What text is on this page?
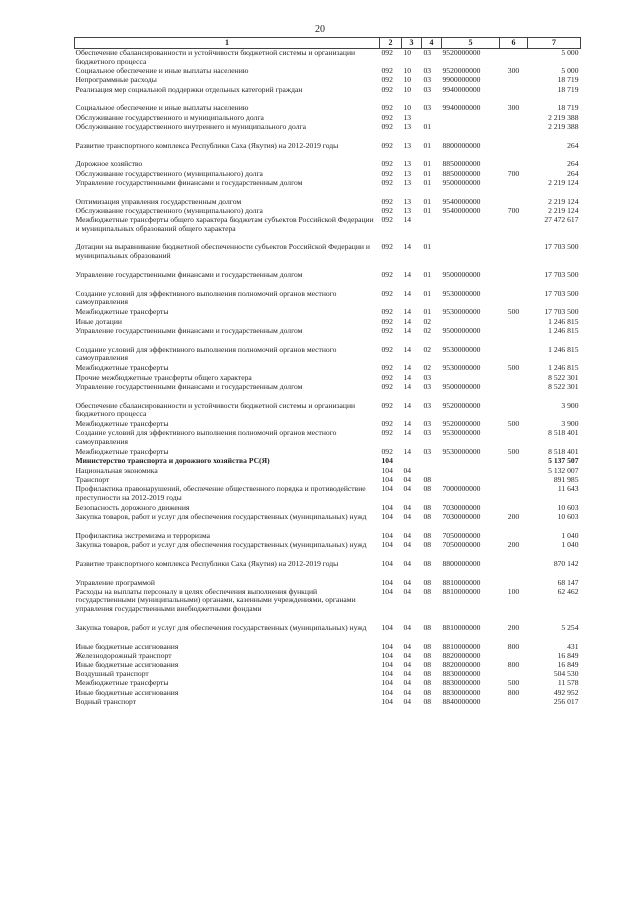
20
1	2	3	4	5	6	7
Обеспечение сбалансированности и устойчивости бюджетной системы и организации бюджетного процесса	092	10	03	9520000000		5 000
Социальное обеспечение и иные выплаты населению	092	10	03	9520000000	300	5 000
Непрограммные расходы	092	10	03	9900000000		18 719
Реализация мер социальной поддержки отдельных категорий граждан	092	10	03	9940000000		18 719
Социальное обеспечение и иные выплаты населению	092	10	03	9940000000	300	18 719
Обслуживание государственного и муниципального долга	092	13				2 219 388
Обслуживание государственного внутреннего и муниципального долга	092	13	01			2 219 388
Развитие транспортного комплекса Республики Саха (Якутия) на 2012-2019 годы	092	13	01	8800000000		264
Дорожное хозяйство	092	13	01	8850000000		264
Обслуживание государственного (муниципального) долга	092	13	01	8850000000	700	264
Управление государственными финансами и государственным долгом	092	13	01	9500000000		2 219 124
Оптимизация управления государственным долгом	092	13	01	9540000000		2 219 124
Обслуживание государственного (муниципального) долга	092	13	01	9540000000	700	2 219 124
Межбюджетные трансферты общего характера бюджетам субъектов Российской Федерации и муниципальных образований общего характера	092	14				27 472 617
Дотации на выравнивание бюджетной обеспеченности субъектов Российской Федерации и муниципальных образований	092	14	01			17 703 500
Управление государственными финансами и государственным долгом	092	14	01	9500000000		17 703 500
Создание условий для эффективного выполнения полномочий органов местного самоуправления	092	14	01	9530000000		17 703 500
Межбюджетные трансферты	092	14	01	9530000000	500	17 703 500
Иные дотации	092	14	02			1 246 815
Управление государственными финансами и государственным долгом	092	14	02	9500000000		1 246 815
Создание условий для эффективного выполнения полномочий органов местного самоуправления	092	14	02	9530000000		1 246 815
Межбюджетные трансферты	092	14	02	9530000000	500	1 246 815
Прочие межбюджетные трансферты общего характера	092	14	03			8 522 301
Управление государственными финансами и государственным долгом	092	14	03	9500000000		8 522 301
Обеспечение сбалансированности и устойчивости бюджетной системы и организации бюджетного процесса	092	14	03	9520000000		3 900
Межбюджетные трансферты	092	14	03	9520000000	500	3 900
Создание условий для эффективного выполнения полномочий органов местного самоуправления	092	14	03	9530000000		8 518 401
Межбюджетные трансферты	092	14	03	9530000000	500	8 518 401
Министерство транспорта и дорожного хозяйства РС(Я)	104					5 137 507
Национальная экономика	104	04				5 132 007
Транспорт	104	04	08			891 985
Профилактика правонарушений, обеспечение общественного порядка и противодействие преступности на 2012-2019 годы	104	04	08	7000000000		11 643
Безопасность дорожного движения	104	04	08	7030000000		10 603
Закупка товаров, работ и услуг для обеспечения государственных (муниципальных) нужд	104	04	08	7030000000	200	10 603
Профилактика экстремизма и терроризма	104	04	08	7050000000		1 040
Закупка товаров, работ и услуг для обеспечения государственных (муниципальных) нужд	104	04	08	7050000000	200	1 040
Развитие транспортного комплекса Республики Саха (Якутия) на 2012-2019 годы	104	04	08	8800000000		870 142
Управление программой	104	04	08	8810000000		68 147
Расходы на выплаты персоналу в целях обеспечения выполнения функций государственными (муниципальными) органами, казенными учреждениями, органами управления государственными внебюджетными фондами	104	04	08	8810000000	100	62 462
Закупка товаров, работ и услуг для обеспечения государственных (муниципальных) нужд	104	04	08	8810000000	200	5 254
Иные бюджетные ассигнования	104	04	08	8810000000	800	431
Железнодорожный транспорт	104	04	08	8820000000		16 849
Иные бюджетные ассигнования	104	04	08	8820000000	800	16 849
Воздушный транспорт	104	04	08	8830000000		504 530
Межбюджетные трансферты	104	04	08	8830000000	500	11 578
Иные бюджетные ассигнования	104	04	08	8830000000	800	492 952
Водный транспорт	104	04	08	8840000000		256 017
